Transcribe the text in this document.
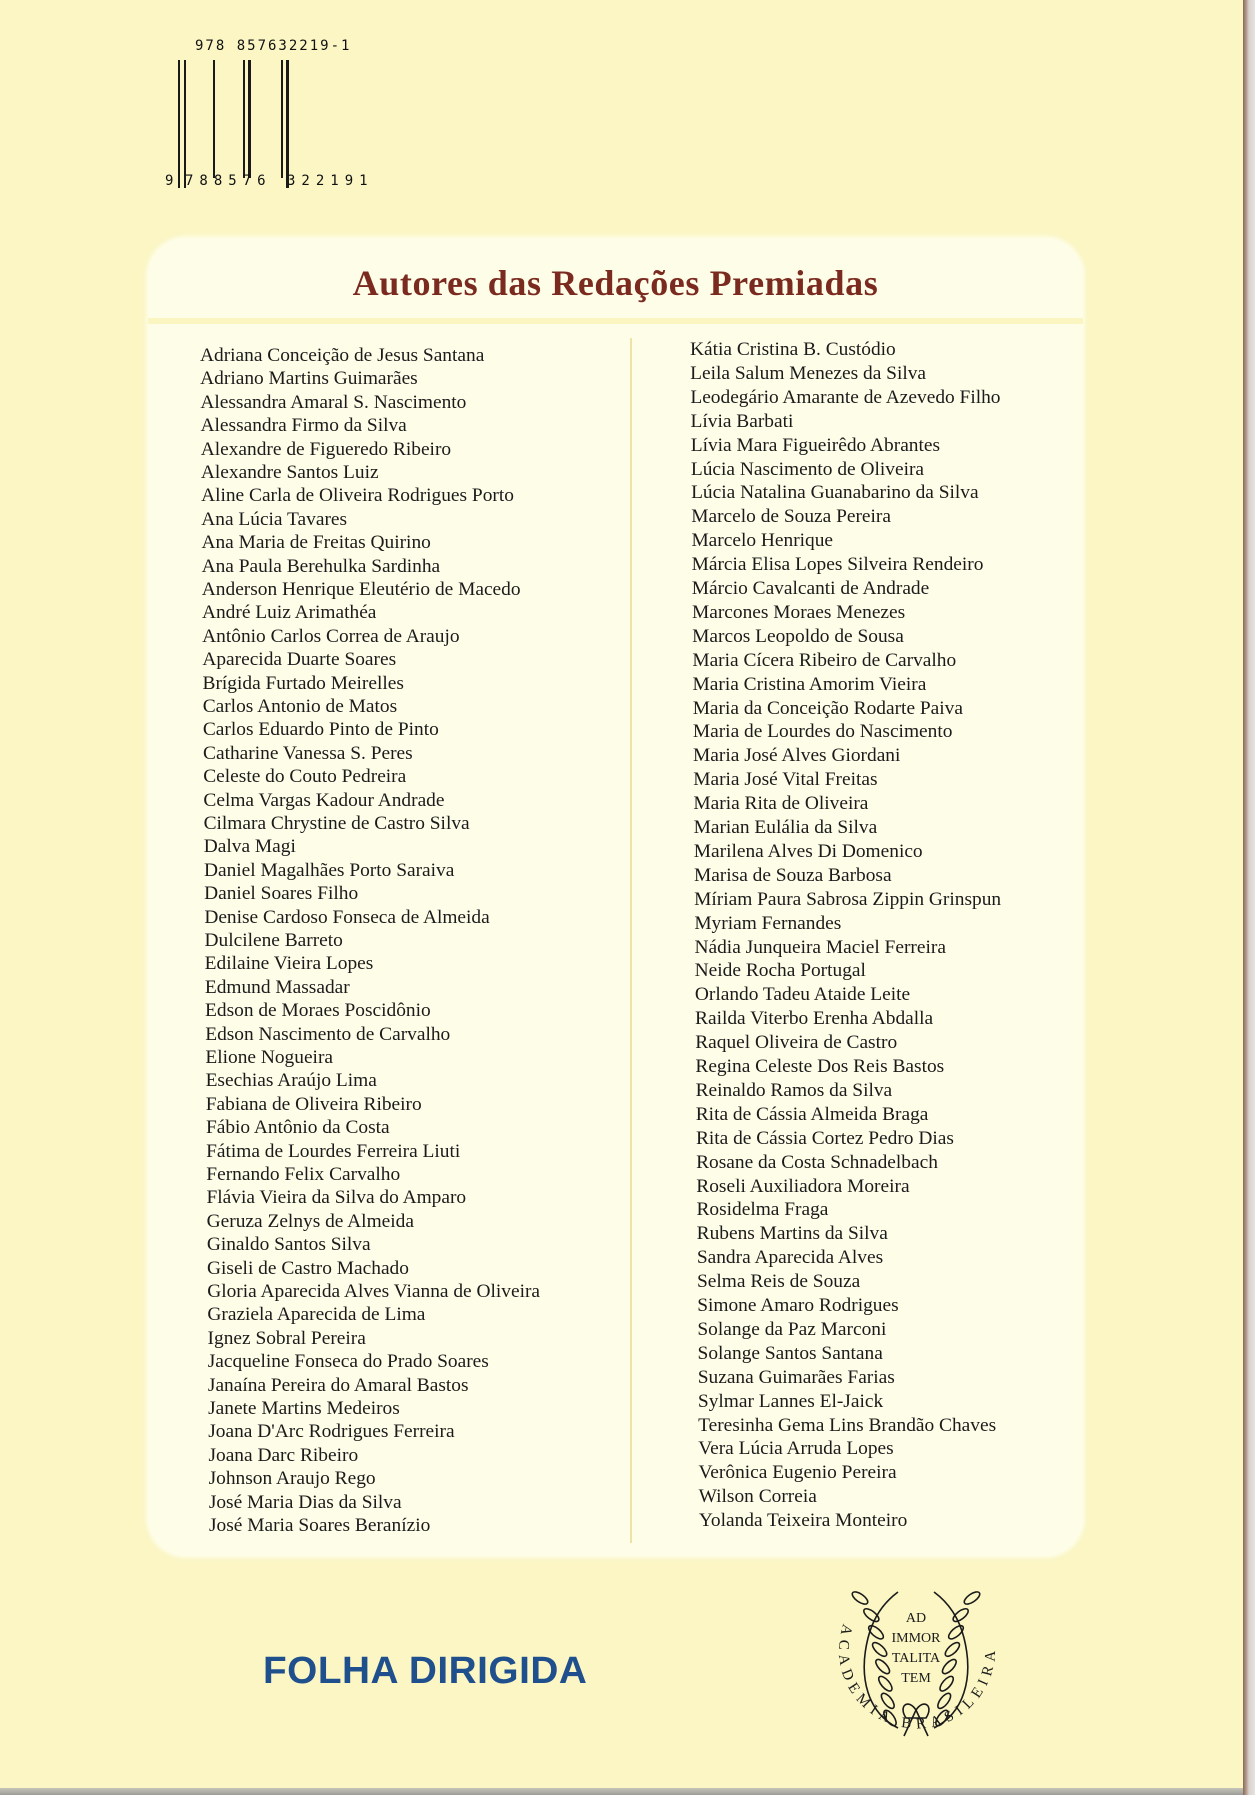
978 857632219-1
9 788576 322191
Autores das Redações Premiadas
Adriana Conceição de Jesus Santana
Adriano Martins Guimarães
Alessandra Amaral S. Nascimento
Alessandra Firmo da Silva
Alexandre de Figueredo Ribeiro
Alexandre Santos Luiz
Aline Carla de Oliveira Rodrigues Porto
Ana Lúcia Tavares
Ana Maria de Freitas Quirino
Ana Paula Berehulka Sardinha
Anderson Henrique Eleutério de Macedo
André Luiz Arimathéa
Antônio Carlos Correa de Araujo
Aparecida Duarte Soares
Brígida Furtado Meirelles
Carlos Antonio de Matos
Carlos Eduardo Pinto de Pinto
Catharine Vanessa S. Peres
Celeste do Couto Pedreira
Celma Vargas Kadour Andrade
Cilmara Chrystine de Castro Silva
Dalva Magi
Daniel Magalhães Porto Saraiva
Daniel Soares Filho
Denise Cardoso Fonseca de Almeida
Dulcilene Barreto
Edilaine Vieira Lopes
Edmund Massadar
Edson de Moraes Poscidônio
Edson Nascimento de Carvalho
Elione Nogueira
Esechias Araújo Lima
Fabiana de Oliveira Ribeiro
Fábio Antônio da Costa
Fátima de Lourdes Ferreira Liuti
Fernando Felix Carvalho
Flávia Vieira da Silva do Amparo
Geruza Zelnys de Almeida
Ginaldo Santos Silva
Giseli de Castro Machado
Gloria Aparecida Alves Vianna de Oliveira
Graziela Aparecida de Lima
Ignez Sobral Pereira
Jacqueline Fonseca do Prado Soares
Janaína Pereira do Amaral Bastos
Janete Martins Medeiros
Joana D'Arc Rodrigues Ferreira
Joana Darc Ribeiro
Johnson Araujo Rego
José Maria Dias da Silva
José Maria Soares Beranízio
Kátia Cristina B. Custódio
Leila Salum Menezes da Silva
Leodegário Amarante de Azevedo Filho
Lívia Barbati
Lívia Mara Figueirêdo Abrantes
Lúcia Nascimento de Oliveira
Lúcia Natalina Guanabarino da Silva
Marcelo de Souza Pereira
Marcelo Henrique
Márcia Elisa Lopes Silveira Rendeiro
Márcio Cavalcanti de Andrade
Marcones Moraes Menezes
Marcos Leopoldo de Sousa
Maria Cícera Ribeiro de Carvalho
Maria Cristina Amorim Vieira
Maria da Conceição Rodarte Paiva
Maria de Lourdes do Nascimento
Maria José Alves Giordani
Maria José Vital Freitas
Maria Rita de Oliveira
Marian Eulália da Silva
Marilena Alves Di Domenico
Marisa de Souza Barbosa
Míriam Paura Sabrosa Zippin Grinspun
Myriam Fernandes
Nádia Junqueira Maciel Ferreira
Neide Rocha Portugal
Orlando Tadeu Ataide Leite
Railda Viterbo Erenha Abdalla
Raquel Oliveira de Castro
Regina Celeste Dos Reis Bastos
Reinaldo Ramos da Silva
Rita de Cássia Almeida Braga
Rita de Cássia Cortez Pedro Dias
Rosane da Costa Schnadelbach
Roseli Auxiliadora Moreira
Rosidelma Fraga
Rubens Martins da Silva
Sandra Aparecida Alves
Selma Reis de Souza
Simone Amaro Rodrigues
Solange da Paz Marconi
Solange Santos Santana
Suzana Guimarães Farias
Sylmar Lannes El-Jaick
Teresinha Gema Lins Brandão Chaves
Vera Lúcia Arruda Lopes
Verônica Eugenio Pereira
Wilson Correia
Yolanda Teixeira Monteiro
FOLHA DIRIGIDA
AD
IMMOR
TALITA
TEM
ACADEMIA BRASILEIRA
